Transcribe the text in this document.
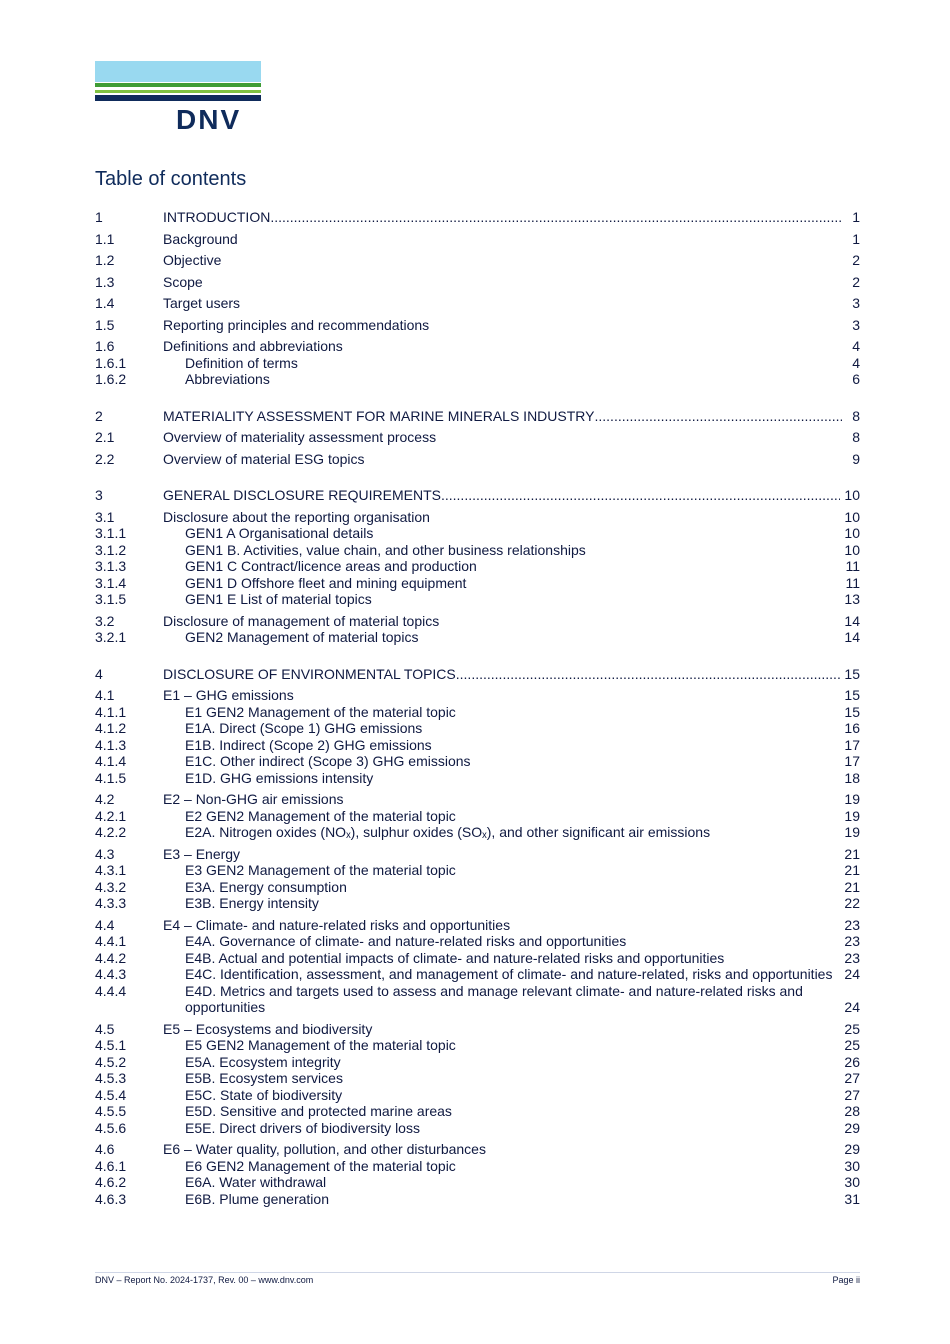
DNV
Table of contents
1	INTRODUCTION .....	1
1.1	Background	1
1.2	Objective	2
1.3	Scope	2
1.4	Target users	3
1.5	Reporting principles and recommendations	3
1.6	Definitions and abbreviations	4
1.6.1	Definition of terms	4
1.6.2	Abbreviations	6
2	MATERIALITY ASSESSMENT FOR MARINE MINERALS INDUSTRY .....	8
2.1	Overview of materiality assessment process	8
2.2	Overview of material ESG topics	9
3	GENERAL DISCLOSURE REQUIREMENTS .....	10
3.1	Disclosure about the reporting organisation	10
3.1.1	GEN1 A Organisational details	10
3.1.2	GEN1 B. Activities, value chain, and other business relationships	10
3.1.3	GEN1 C Contract/licence areas and production	11
3.1.4	GEN1 D Offshore fleet and mining equipment	11
3.1.5	GEN1 E List of material topics	13
3.2	Disclosure of management of material topics	14
3.2.1	GEN2 Management of material topics	14
4	DISCLOSURE OF ENVIRONMENTAL TOPICS .....	15
4.1	E1 – GHG emissions	15
4.1.1	E1 GEN2 Management of the material topic	15
4.1.2	E1A. Direct (Scope 1) GHG emissions	16
4.1.3	E1B. Indirect (Scope 2) GHG emissions	17
4.1.4	E1C. Other indirect (Scope 3) GHG emissions	17
4.1.5	E1D. GHG emissions intensity	18
4.2	E2 – Non-GHG air emissions	19
4.2.1	E2 GEN2 Management of the material topic	19
4.2.2	E2A. Nitrogen oxides (NOₓ), sulphur oxides (SOₓ), and other significant air emissions	19
4.3	E3 – Energy	21
4.3.1	E3 GEN2 Management of the material topic	21
4.3.2	E3A. Energy consumption	21
4.3.3	E3B. Energy intensity	22
4.4	E4 – Climate- and nature-related risks and opportunities	23
4.4.1	E4A. Governance of climate- and nature-related risks and opportunities	23
4.4.2	E4B. Actual and potential impacts of climate- and nature-related risks and opportunities	23
4.4.3	E4C. Identification, assessment, and management of climate- and nature-related, risks and opportunities 24
4.4.4	E4D. Metrics and targets used to assess and manage relevant climate- and nature-related risks and opportunities	24
4.5	E5 – Ecosystems and biodiversity	25
4.5.1	E5 GEN2 Management of the material topic	25
4.5.2	E5A. Ecosystem integrity	26
4.5.3	E5B. Ecosystem services	27
4.5.4	E5C. State of biodiversity	27
4.5.5	E5D. Sensitive and protected marine areas	28
4.5.6	E5E. Direct drivers of biodiversity loss	29
4.6	E6 – Water quality, pollution, and other disturbances	29
4.6.1	E6 GEN2 Management of the material topic	30
4.6.2	E6A. Water withdrawal	30
4.6.3	E6B. Plume generation	31
DNV – Report No. 2024-1737, Rev. 00 – www.dnv.com	Page ii
